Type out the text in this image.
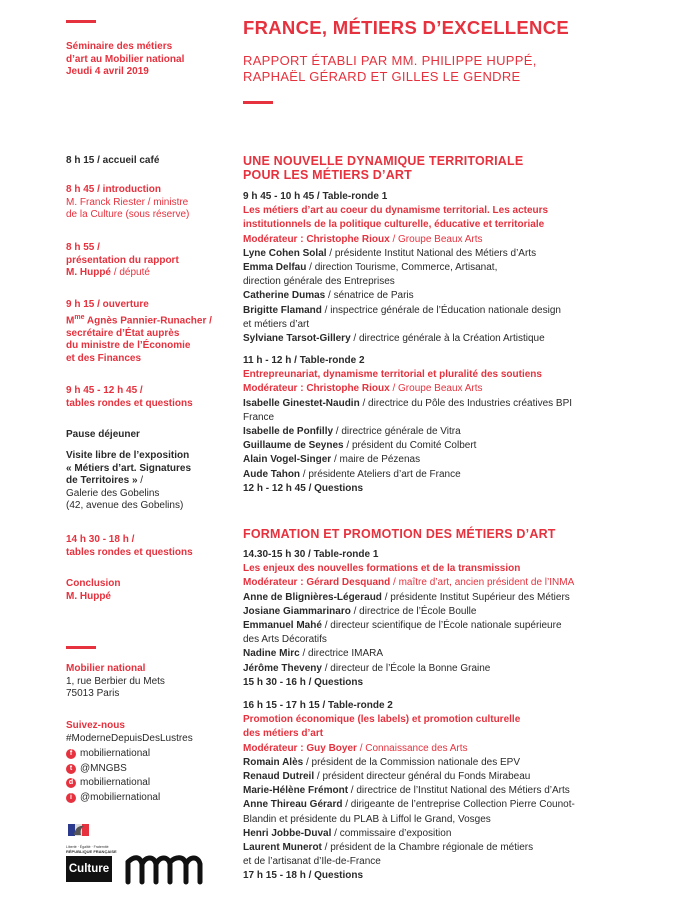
Séminaire des métiers
d’art au Mobilier national
Jeudi 4 avril 2019
8 h 15 / accueil café
8 h 45 / introduction
M. Franck Riester / ministre
de la Culture (sous réserve)
8 h 55 /
présentation du rapport
M. Huppé / député
9 h 15 / ouverture
$M^{me}$ Agnès Pannier-Runacher /
secrétaire d’État auprès
du ministre de l’Économie
et des Finances
9 h 45 - 12 h 45 /
tables rondes et questions
Pause déjeuner
Visite libre de l’exposition
« Métiers d’art. Signatures
de Territoires » /
Galerie des Gobelins
(42, avenue des Gobelins)
14 h 30 - 18 h /
tables rondes et questions
Conclusion
M. Huppé
Mobilier national
1, rue Berbier du Mets
75013 Paris
Suivez-nous
#ModerneDepuisDesLustres
f mobiliernational
t @MNGBS
d mobiliernational
i @mobiliernational
Liberté · Égalité · Fraternité
RÉPUBLIQUE FRANÇAISE
Culture
FRANCE, MÉTIERS D’EXCELLENCE
RAPPORT ÉTABLI PAR MM. PHILIPPE HUPPÉ,
RAPHAËL GÉRARD ET GILLES LE GENDRE
UNE NOUVELLE DYNAMIQUE TERRITORIALE
POUR LES MÉTIERS D’ART
9 h 45 - 10 h 45 / Table-ronde 1
Les métiers d’art au coeur du dynamisme territorial. Les acteurs
institutionnels de la politique culturelle, éducative et territoriale
Modérateur : Christophe Rioux / Groupe Beaux Arts
Lyne Cohen Solal / présidente Institut National des Métiers d’Arts
Emma Delfau / direction Tourisme, Commerce, Artisanat,
direction générale des Entreprises
Catherine Dumas / sénatrice de Paris
Brigitte Flamand / inspectrice générale de l’Éducation nationale design
et métiers d’art
Sylviane Tarsot-Gillery / directrice générale à la Création Artistique
11 h - 12 h / Table-ronde 2
Entrepreunariat, dynamisme territorial et pluralité des soutiens
Modérateur : Christophe Rioux / Groupe Beaux Arts
Isabelle Ginestet-Naudin / directrice du Pôle des Industries créatives BPI
France
Isabelle de Ponfilly / directrice générale de Vitra
Guillaume de Seynes / président du Comité Colbert
Alain Vogel-Singer / maire de Pézenas
Aude Tahon / présidente Ateliers d’art de France
12 h - 12 h 45 / Questions
FORMATION ET PROMOTION DES MÉTIERS D’ART
14.30-15 h 30 / Table-ronde 1
Les enjeux des nouvelles formations et de la transmission
Modérateur : Gérard Desquand / maître d’art, ancien président de l’INMA
Anne de Blignières-Légeraud / présidente Institut Supérieur des Métiers
Josiane Giammarinaro / directrice de l’École Boulle
Emmanuel Mahé / directeur scientifique de l’École nationale supérieure
des Arts Décoratifs
Nadine Mirc / directrice IMARA
Jérôme Theveny / directeur de l’École la Bonne Graine
15 h 30 - 16 h / Questions
16 h 15 - 17 h 15 / Table-ronde 2
Promotion économique (les labels) et promotion culturelle
des métiers d’art
Modérateur : Guy Boyer / Connaissance des Arts
Romain Alès / président de la Commission nationale des EPV
Renaud Dutreil / président directeur général du Fonds Mirabeau
Marie-Hélène Frémont / directrice de l’Institut National des Métiers d’Arts
Anne Thireau Gérard / dirigeante de l’entreprise Collection Pierre Counot-
Blandin et présidente du PLAB à Liffol le Grand, Vosges
Henri Jobbe-Duval / commissaire d’exposition
Laurent Munerot / président de la Chambre régionale de métiers
et de l’artisanat d’Ile-de-France
17 h 15 - 18 h / Questions
